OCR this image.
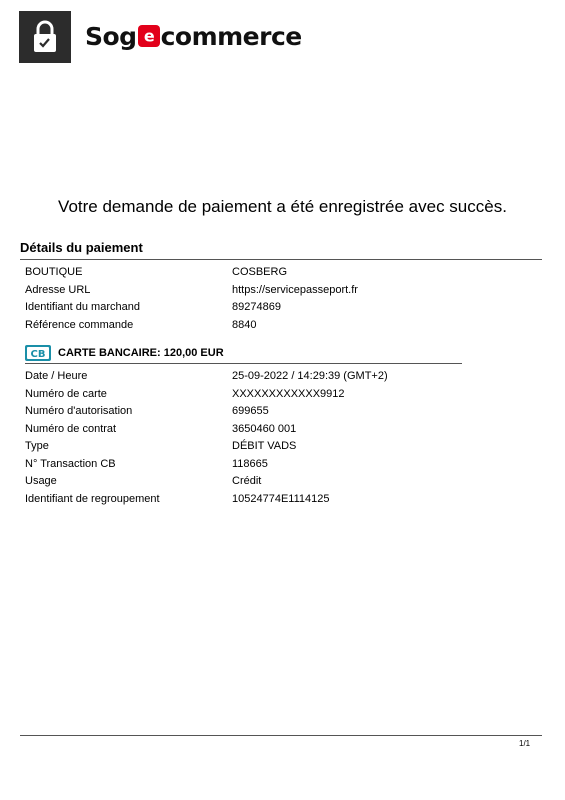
Sog e commerce
Votre demande de paiement a été enregistrée avec succès.
Détails du paiement
BOUTIQUE	COSBERG
Adresse URL	https://servicepasseport.fr
Identifiant du marchand	89274869
Référence commande	8840
CB CARTE BANCAIRE: 120,00 EUR
Date / Heure	25-09-2022 / 14:29:39 (GMT+2)
Numéro de carte	XXXXXXXXXXXX9912
Numéro d'autorisation	699655
Numéro de contrat	3650460 001
Type	DÉBIT VADS
N° Transaction CB	118665
Usage	Crédit
Identifiant de regroupement	10524774E1114125
1/1
